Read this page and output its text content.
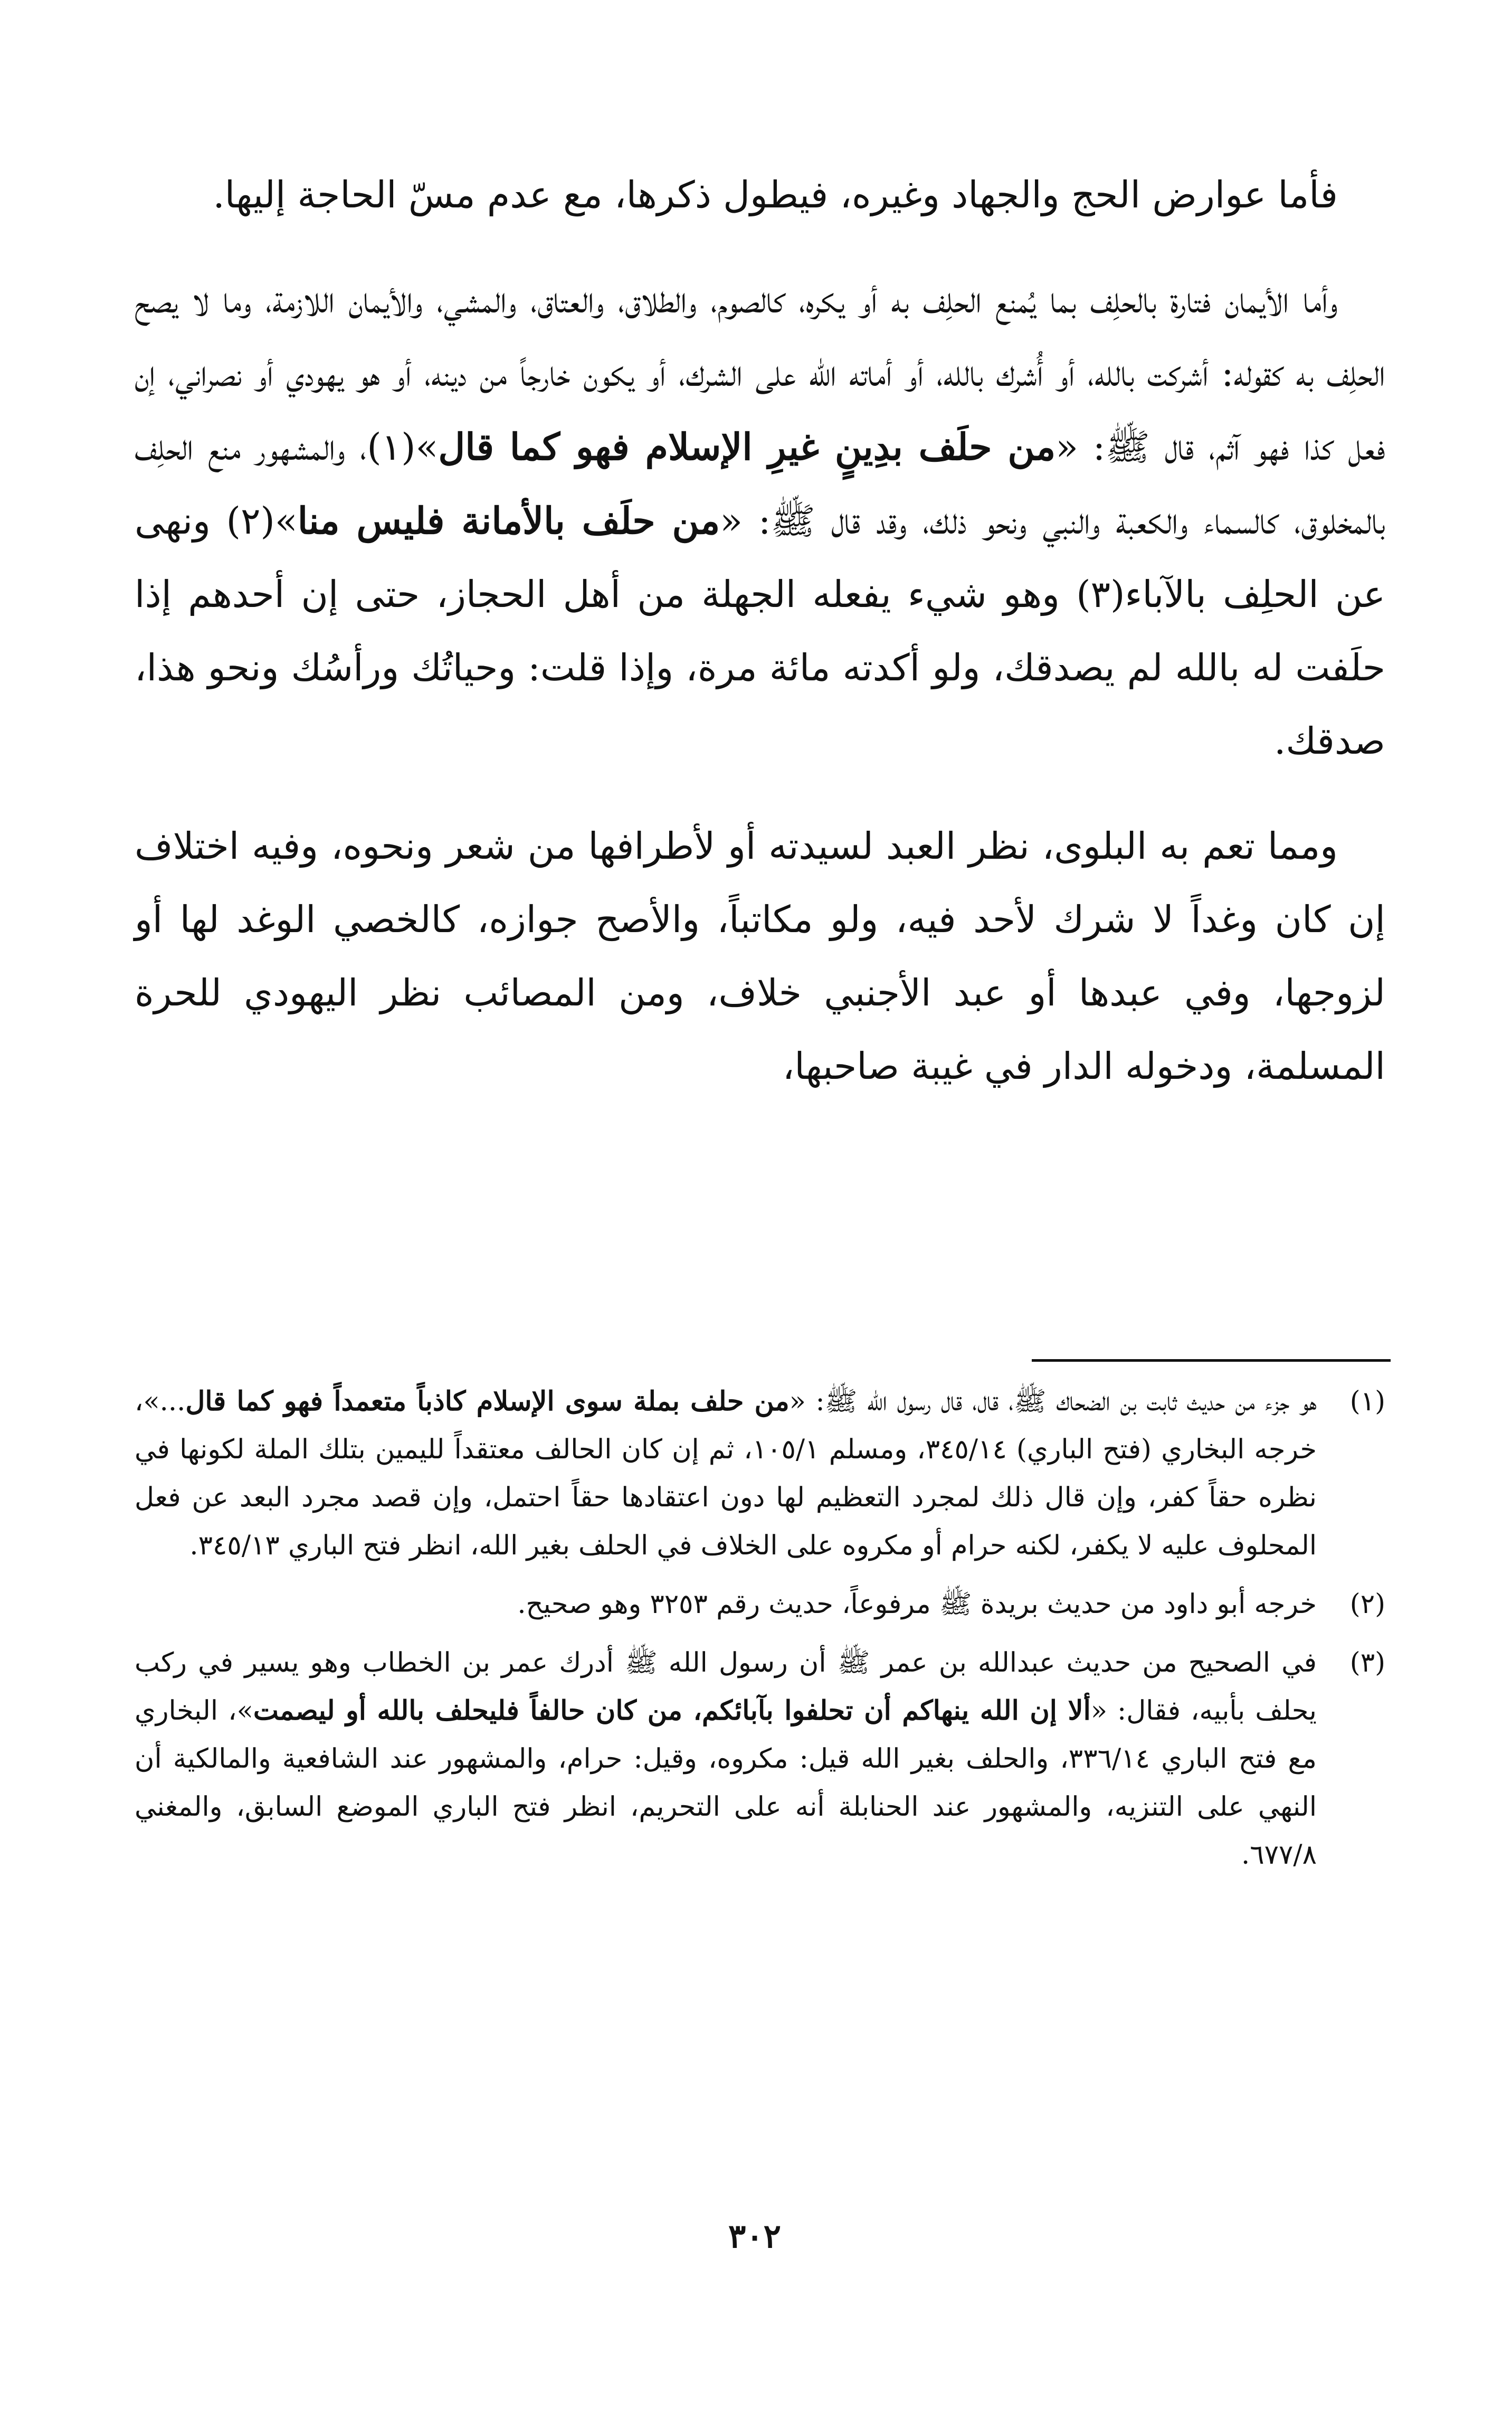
فأما عوارض الحج والجهاد وغيره، فيطول ذكرها، مع عدم مسّ الحاجة إليها.

وأما الأيمان فتارة بالحلِف بما يُمنع الحلِف به أو يكره، كالصوم، والطلاق، والعتاق، والمشي، والأيمان اللازمة، وما لا يصح الحلِف به كقوله: أشركت بالله، أو أُشرك بالله، أو أماته الله على الشرك، أو يكون خارجاً من دينه، أو هو يهودي أو نصراني، إن فعل كذا فهو آثم، قال ﷺ: «من حلَف بدِينٍ غيرِ الإسلام فهو كما قال»(١)، والمشهور منع الحلِف بالمخلوق، كالسماء والكعبة والنبي ونحو ذلك، وقد قال ﷺ: «من حلَف بالأمانة فليس منا»(٢) ونهى عن الحلِف بالآباء(٣) وهو شيء يفعله الجهلة من أهل الحجاز، حتى إن أحدهم إذا حلَفت له بالله لم يصدقك، ولو أكدته مائة مرة، وإذا قلت: وحياتُك ورأسُك ونحو هذا، صدقك.

ومما تعم به البلوى، نظر العبد لسيدته أو لأطرافها من شعر ونحوه، وفيه اختلاف إن كان وغداً لا شرك لأحد فيه، ولو مكاتباً، والأصح جوازه، كالخصي الوغد لها أو لزوجها، وفي عبدها أو عبد الأجنبي خلاف، ومن المصائب نظر اليهودي للحرة المسلمة، ودخوله الدار في غيبة صاحبها،

(١)
هو جزء من حديث ثابت بن الضحاك ﷺ، قال، قال رسول الله ﷺ: «من حلف بملة سوى الإسلام كاذباً متعمداً فهو كما قال...»، خرجه البخاري (فتح الباري) ٣٤٥/١٤، ومسلم ١٠٥/١، ثم إن كان الحالف معتقداً لليمين بتلك الملة لكونها في نظره حقاً كفر، وإن قال ذلك لمجرد التعظيم لها دون اعتقادها حقاً احتمل، وإن قصد مجرد البعد عن فعل المحلوف عليه لا يكفر، لكنه حرام أو مكروه على الخلاف في الحلف بغير الله، انظر فتح الباري ٣٤٥/١٣.
(٢)
خرجه أبو داود من حديث بريدة ﷺ مرفوعاً، حديث رقم ٣٢٥٣ وهو صحيح.
(٣)
في الصحيح من حديث عبدالله بن عمر ﷺ أن رسول الله ﷺ أدرك عمر بن الخطاب وهو يسير في ركب يحلف بأبيه، فقال: «ألا إن الله ينهاكم أن تحلفوا بآبائكم، من كان حالفاً فليحلف بالله أو ليصمت»، البخاري مع فتح الباري ٣٣٦/١٤، والحلف بغير الله قيل: مكروه، وقيل: حرام، والمشهور عند الشافعية والمالكية أن النهي على التنزيه، والمشهور عند الحنابلة أنه على التحريم، انظر فتح الباري الموضع السابق، والمغني ٦٧٧/٨.
٣٠٢
